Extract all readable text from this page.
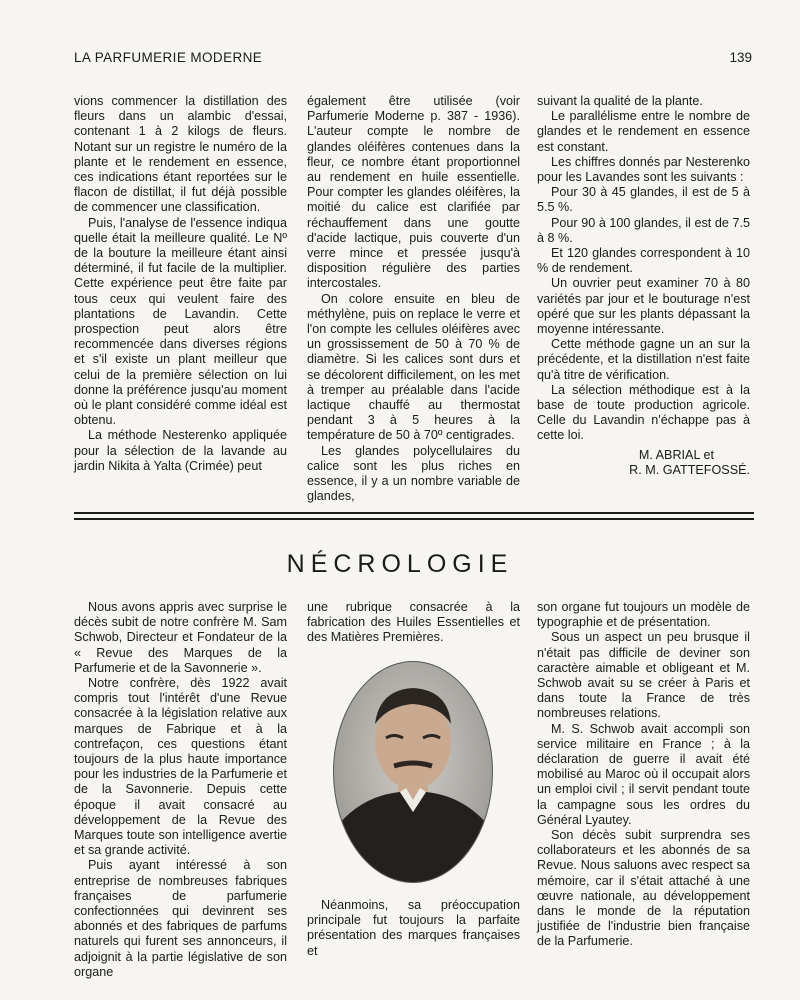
LA PARFUMERIE MODERNE	139

vions commencer la distillation des fleurs dans un alambic d'essai, contenant 1 à 2 kilogs de fleurs. Notant sur un registre le numéro de la plante et le rendement en essence, ces indications étant reportées sur le flacon de distillat, il fut déjà possible de commencer une classification.

Puis, l'analyse de l'essence indiqua quelle était la meilleure qualité. Le Nº de la bouture la meilleure étant ainsi déterminé, il fut facile de la multiplier. Cette expérience peut être faite par tous ceux qui veulent faire des plantations de Lavandin. Cette prospection peut alors être recommencée dans diverses régions et s'il existe un plant meilleur que celui de la première sélection on lui donne la préférence jusqu'au moment où le plant considéré comme idéal est obtenu.

La méthode Nesterenko appliquée pour la sélection de la lavande au jardin Nikita à Yalta (Crimée) peut

également être utilisée (voir Parfumerie Moderne p. 387 - 1936). L'auteur compte le nombre de glandes oléifères contenues dans la fleur, ce nombre étant proportionnel au rendement en huile essentielle. Pour compter les glandes oléifères, la moitié du calice est clarifiée par réchauffement dans une goutte d'acide lactique, puis couverte d'un verre mince et pressée jusqu'à disposition régulière des parties intercostales.

On colore ensuite en bleu de méthylène, puis on replace le verre et l'on compte les cellules oléifères avec un grossissement de 50 à 70 % de diamètre. Si les calices sont durs et se décolorent difficilement, on les met à tremper au préalable dans l'acide lactique chauffé au thermostat pendant 3 à 5 heures à la température de 50 à 70º centigrades.

Les glandes polycellulaires du calice sont les plus riches en essence, il y a un nombre variable de glandes,

suivant la qualité de la plante.

Le parallélisme entre le nombre de glandes et le rendement en essence est constant.

Les chiffres donnés par Nesterenko pour les Lavandes sont les suivants :

Pour 30 à 45 glandes, il est de 5 à 5.5 %.

Pour 90 à 100 glandes, il est de 7.5 à 8 %.

Et 120 glandes correspondent à 10 % de rendement.

Un ouvrier peut examiner 70 à 80 variétés par jour et le bouturage n'est opéré que sur les plants dépassant la moyenne intéressante.

Cette méthode gagne un an sur la précédente, et la distillation n'est faite qu'à titre de vérification.

La sélection méthodique est à la base de toute production agricole. Celle du Lavandin n'échappe pas à cette loi.

M. ABRIAL et

R. M. GATTEFOSSÉ.

NÉCROLOGIE

Nous avons appris avec surprise le décès subit de notre confrère M. Sam Schwob, Directeur et Fondateur de la « Revue des Marques de la Parfumerie et de la Savonnerie ».

Notre confrère, dès 1922 avait compris tout l'intérêt d'une Revue consacrée à la législation relative aux marques de Fabrique et à la contrefaçon, ces questions étant toujours de la plus haute importance pour les industries de la Parfumerie et de la Savonnerie. Depuis cette époque il avait consacré au développement de la Revue des Marques toute son intelligence avertie et sa grande activité.

Puis ayant intéressé à son entreprise de nombreuses fabriques françaises de parfumerie confectionnées qui devinrent ses abonnés et des fabriques de parfums naturels qui furent ses annonceurs, il adjoignit à la partie législative de son organe

une rubrique consacrée à la fabrication des Huiles Essentielles et des Matières Premières.

Néanmoins, sa préoccupation principale fut toujours la parfaite présentation des marques françaises et

son organe fut toujours un modèle de typographie et de présentation.

Sous un aspect un peu brusque il n'était pas difficile de deviner son caractère aimable et obligeant et M. Schwob avait su se créer à Paris et dans toute la France de très nombreuses relations.

M. S. Schwob avait accompli son service militaire en France ; à la déclaration de guerre il avait été mobilisé au Maroc où il occupait alors un emploi civil ; il servit pendant toute la campagne sous les ordres du Général Lyautey.

Son décès subit surprendra ses collaborateurs et les abonnés de sa Revue. Nous saluons avec respect sa mémoire, car il s'était attaché à une œuvre nationale, au développement dans le monde de la réputation justifiée de l'industrie bien française de la Parfumerie.
